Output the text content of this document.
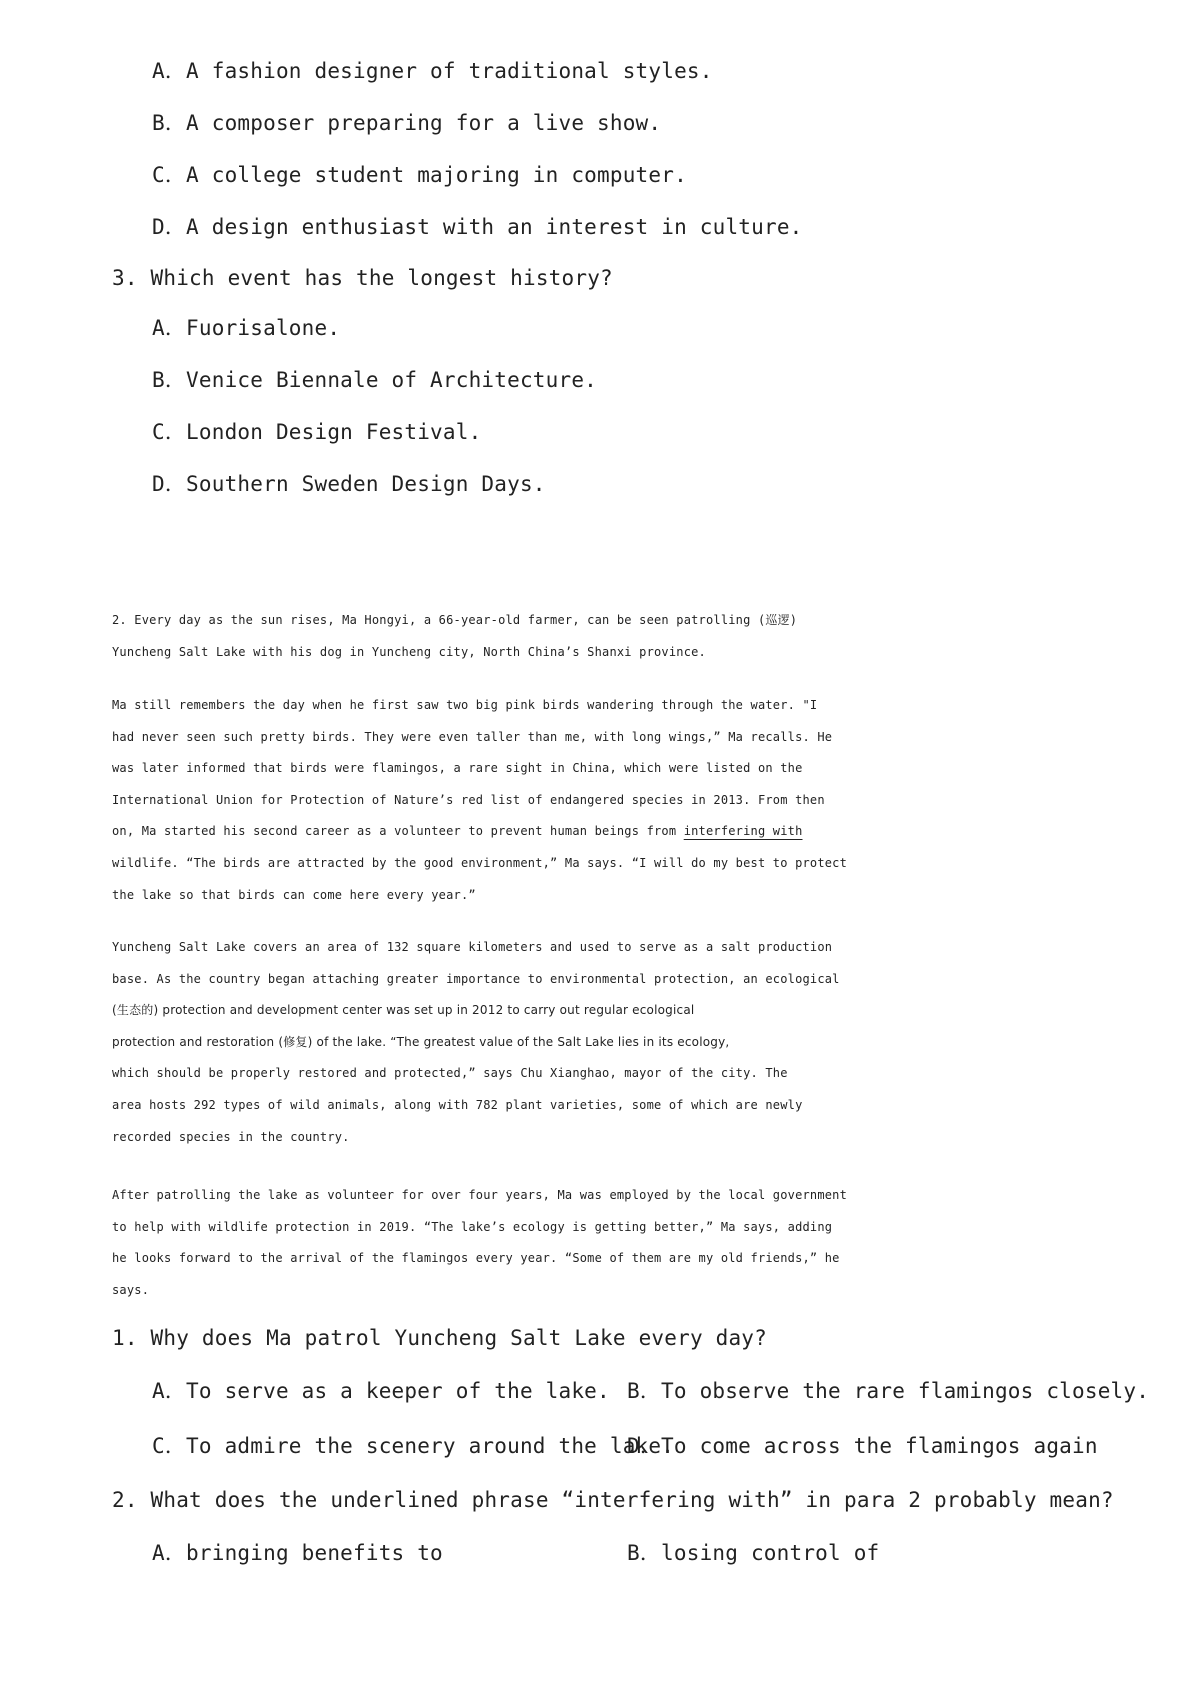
A．A fashion designer of traditional styles.
B．A composer preparing for a live show.
C．A college student majoring in computer.
D．A design enthusiast with an interest in culture.
3. Which event has the longest history?
A．Fuorisalone.
B．Venice Biennale of Architecture.
C．London Design Festival.
D．Southern Sweden Design Days.
2. Every day as the sun rises, Ma Hongyi, a 66-year-old farmer, can be seen patrolling (巡逻)
Yuncheng Salt Lake with his dog in Yuncheng city, North China’s Shanxi province.
Ma still remembers the day when he first saw two big pink birds wandering through the water. "I
had never seen such pretty birds. They were even taller than me, with long wings,” Ma recalls. He
was later informed that birds were flamingos, a rare sight in China, which were listed on the
International Union for Protection of Nature’s red list of endangered species in 2013. From then
on, Ma started his second career as a volunteer to prevent human beings from interfering with
wildlife. “The birds are attracted by the good environment,” Ma says. “I will do my best to protect
the lake so that birds can come here every year.”
Yuncheng Salt Lake covers an area of 132 square kilometers and used to serve as a salt production
base. As the country began attaching greater importance to environmental protection, an ecological
(生态的) protection and development center was set up in 2012 to carry out regular ecological
protection and restoration (修复) of the lake. “The greatest value of the Salt Lake lies in its ecology,
which should be properly restored and protected,” says Chu Xianghao, mayor of the city. The
area hosts 292 types of wild animals, along with 782 plant varieties, some of which are newly
recorded species in the country.
After patrolling the lake as volunteer for over four years, Ma was employed by the local government
to help with wildlife protection in 2019. “The lake’s ecology is getting better,” Ma says, adding
he looks forward to the arrival of the flamingos every year. “Some of them are my old friends,” he
says.
1. Why does Ma patrol Yuncheng Salt Lake every day?
A．To serve as a keeper of the lake. B．To observe the rare flamingos closely.
C．To admire the scenery around the lake.
D．To come across the flamingos again
2. What does the underlined phrase “interfering with” in para 2 probably mean?
A．bringing benefits to	B．losing control of
